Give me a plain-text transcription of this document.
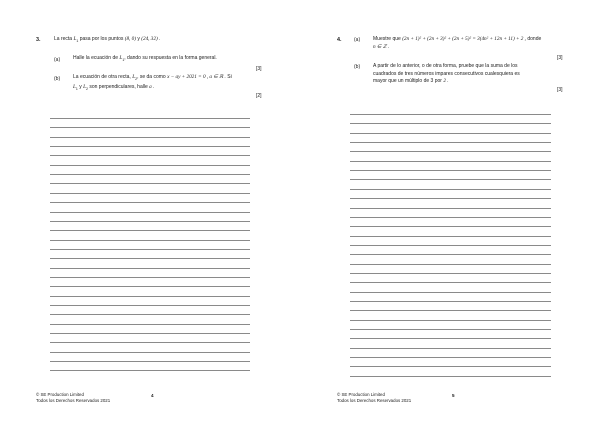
3.	La recta $L_1$ pasa por los puntos (8, 0) y (24, 32) .
(a)	Halle la ecuación de $L_1$, dando su respuesta en la forma general.
[3]
(b)	La ecuación de otra recta, $L_2$, se da como x − ay + 2021 = 0 , a ∈ ℝ . Si
$L_1$ y $L_2$ son perpendiculares, halle a .
[2]
© SE Production Limited
Todos los Derechos Reservados 2021
4
4.	(a)	Muestre que (2n + 1)² + (2n + 3)² + (2n + 5)² = 3(4n² + 12n + 11) + 2 , donde
n ∈ ℤ .
[3]
(b)	A partir de lo anterior, o de otra forma, pruebe que la suma de los
cuadrados de tres números impares consecutivos cualesquiera es
mayor que un múltiplo de 3 por 2 .
[3]
© SE Production Limited
Todos los Derechos Reservados 2021
5
